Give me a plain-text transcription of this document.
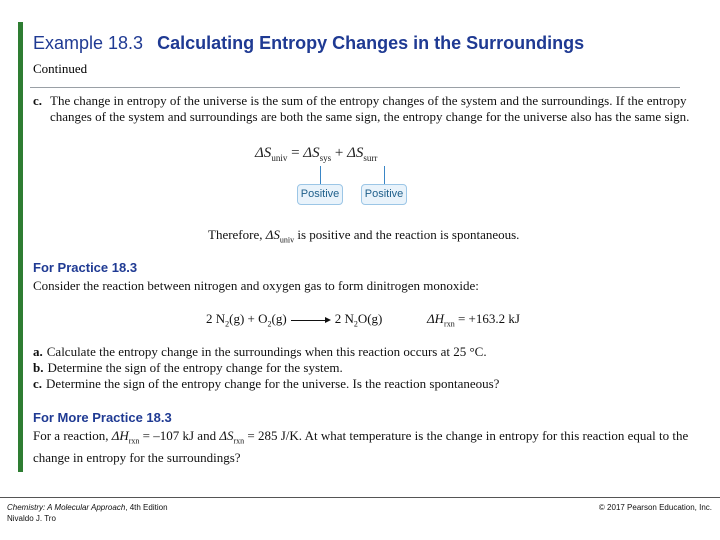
Example 18.3 Calculating Entropy Changes in the Surroundings
Continued
c. The change in entropy of the universe is the sum of the entropy changes of the system and the surroundings. If the entropy changes of the system and surroundings are both the same sign, the entropy change for the universe also has the same sign.
$\Delta S_{univ} = \Delta S_{sys} + \Delta S_{surr}$
Positive	Positive
Therefore, $\Delta S_{univ}$ is positive and the reaction is spontaneous.
For Practice 18.3
Consider the reaction between nitrogen and oxygen gas to form dinitrogen monoxide:
2 $N_2(g) + O_2(g)$	2 $N_2O(g)$	$\Delta H_{rxn} = +163.2$ kJ
a. Calculate the entropy change in the surroundings when this reaction occurs at 25 °C.
b. Determine the sign of the entropy change for the system.
c. Determine the sign of the entropy change for the universe. Is the reaction spontaneous?
For More Practice 18.3
For a reaction, $\Delta H_{rxn} = -107$ kJ and $\Delta S_{rxn} = 285$ J/K. At what temperature is the change in entropy for this reaction equal to the change in entropy for the surroundings?
Chemistry: A Molecular Approach, 4th Edition
Nivaldo J. Tro
© 2017 Pearson Education, Inc.
